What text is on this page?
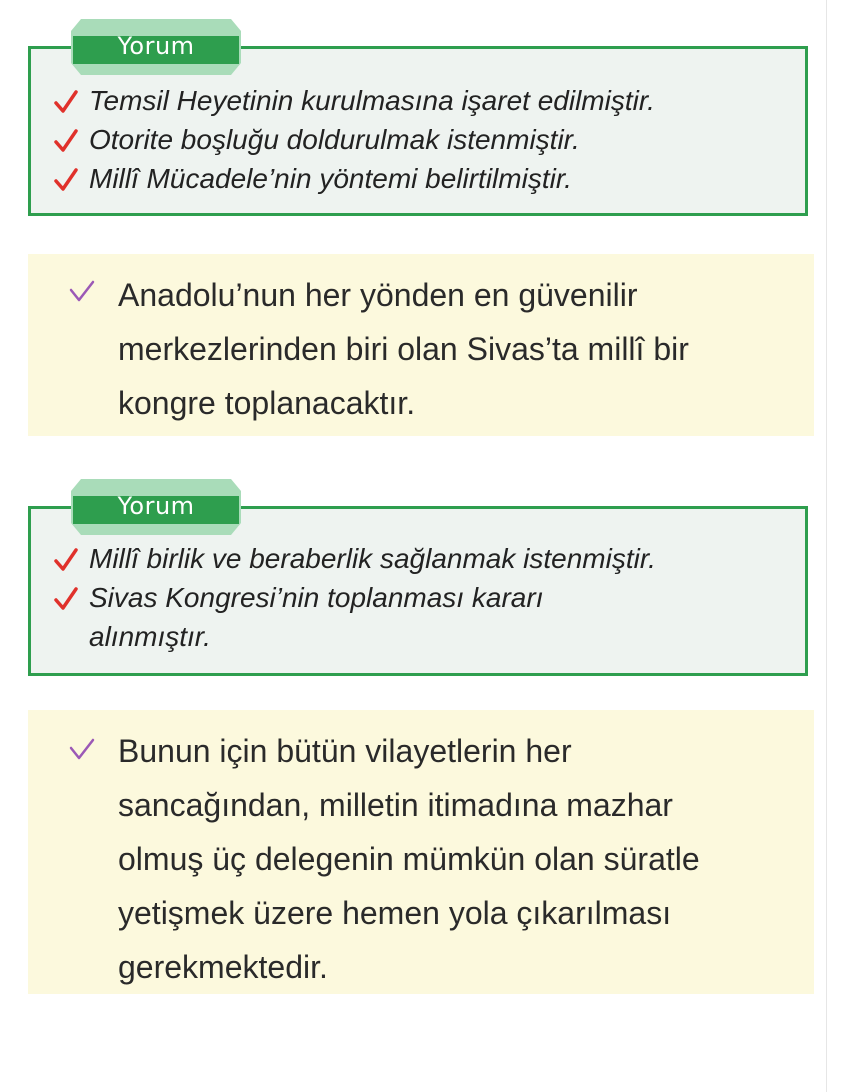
Yorum
Temsil Heyetinin kurulmasına işaret edilmiştir.
Otorite boşluğu doldurulmak istenmiştir.
Millî Mücadele’nin yöntemi belirtilmiştir.
Anadolu’nun her yönden en güvenilir
merkezlerinden biri olan Sivas’ta millî bir
kongre toplanacaktır.
Yorum
Millî birlik ve beraberlik sağlanmak istenmiştir.
Sivas Kongresi’nin toplanması kararı alınmıştır.
Bunun için bütün vilayetlerin her
sancağından, milletin itimadına mazhar
olmuş üç delegenin mümkün olan süratle
yetişmek üzere hemen yola çıkarılması
gerekmektedir.
